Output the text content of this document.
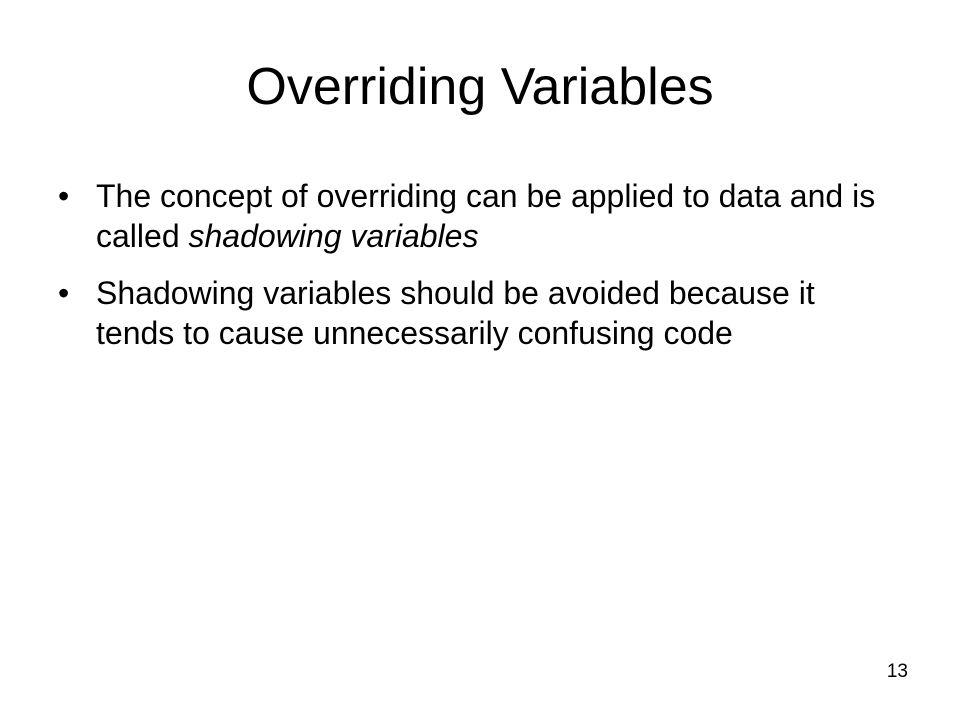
Overriding Variables
• The concept of overriding can be applied to data and is called shadowing variables
• Shadowing variables should be avoided because it tends to cause unnecessarily confusing code
13
